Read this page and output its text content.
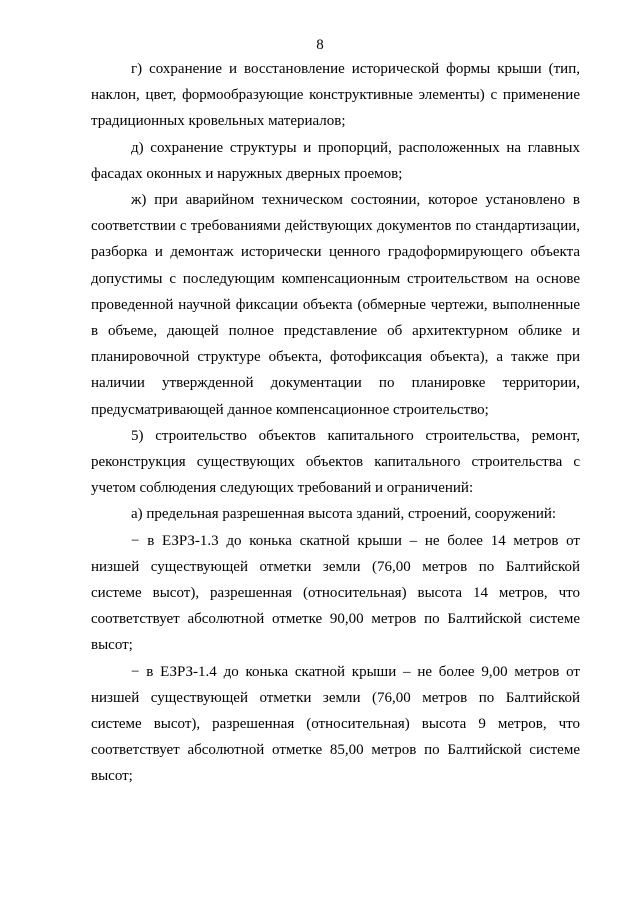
8

г) сохранение и восстановление исторической формы крыши (тип, наклон, цвет, формообразующие конструктивные элементы) с применение традиционных кровельных материалов;

д) сохранение структуры и пропорций, расположенных на главных фасадах оконных и наружных дверных проемов;

ж) при аварийном техническом состоянии, которое установлено в соответствии с требованиями действующих документов по стандартизации, разборка и демонтаж исторически ценного градоформирующего объекта допустимы с последующим компенсационным строительством на основе проведенной научной фиксации объекта (обмерные чертежи, выполненные в объеме, дающей полное представление об архитектурном облике и планировочной структуре объекта, фотофиксация объекта), а также при наличии утвержденной документации по планировке территории, предусматривающей данное компенсационное строительство;

5) строительство объектов капитального строительства, ремонт, реконструкция существующих объектов капитального строительства с учетом соблюдения следующих требований и ограничений:

а) предельная разрешенная высота зданий, строений, сооружений:

− в ЕЗРЗ-1.3 до конька скатной крыши – не более 14 метров от низшей существующей отметки земли (76,00 метров по Балтийской системе высот), разрешенная (относительная) высота 14 метров, что соответствует абсолютной отметке 90,00 метров по Балтийской системе высот;

− в ЕЗРЗ-1.4 до конька скатной крыши – не более 9,00 метров от низшей существующей отметки земли (76,00 метров по Балтийской системе высот), разрешенная (относительная) высота 9 метров, что соответствует абсолютной отметке 85,00 метров по Балтийской системе высот;
